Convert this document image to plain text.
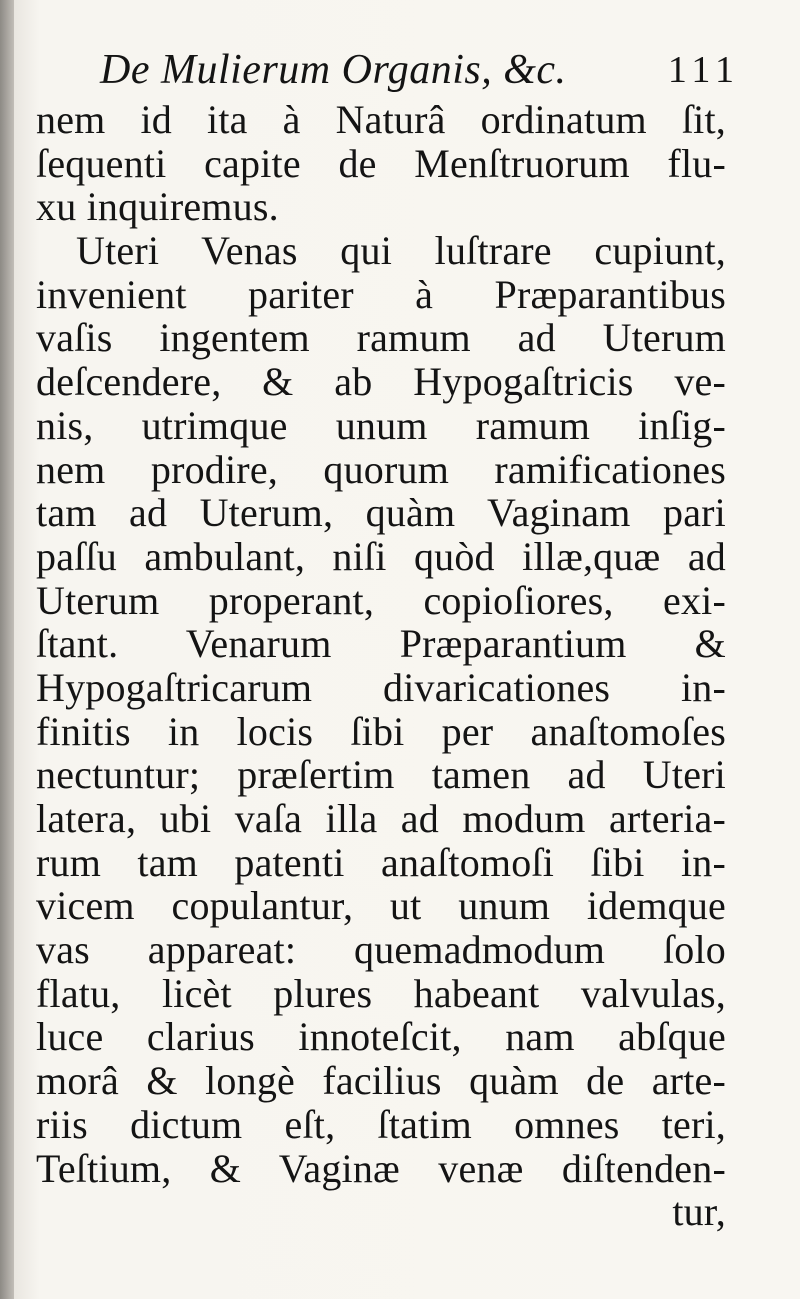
De Mulierum Organis, &c.	111
nem id ita à Naturâ ordinatum ſit,
ſequenti capite de Menſtruorum flu-
xu inquiremus.
Uteri Venas qui luſtrare cupiunt,
invenient pariter à Præparantibus
vaſis ingentem ramum ad Uterum
deſcendere, & ab Hypogaſtricis ve-
nis, utrimque unum ramum inſig-
nem prodire, quorum ramificationes
tam ad Uterum, quàm Vaginam pari
paſſu ambulant, niſi quòd illæ,quæ ad
Uterum properant, copioſiores, exi-
ſtant. Venarum Præparantium &
Hypogaſtricarum divaricationes in-
finitis in locis ſibi per anaſtomoſes
nectuntur; præſertim tamen ad Uteri
latera, ubi vaſa illa ad modum arteria-
rum tam patenti anaſtomoſi ſibi in-
vicem copulantur, ut unum idemque
vas appareat: quemadmodum ſolo
flatu, licèt plures habeant valvulas,
luce clarius innoteſcit, nam abſque
morâ & longè facilius quàm de arte-
riis dictum eſt, ſtatim omnes teri,
Teſtium, & Vaginæ venæ diſtenden-
tur,
